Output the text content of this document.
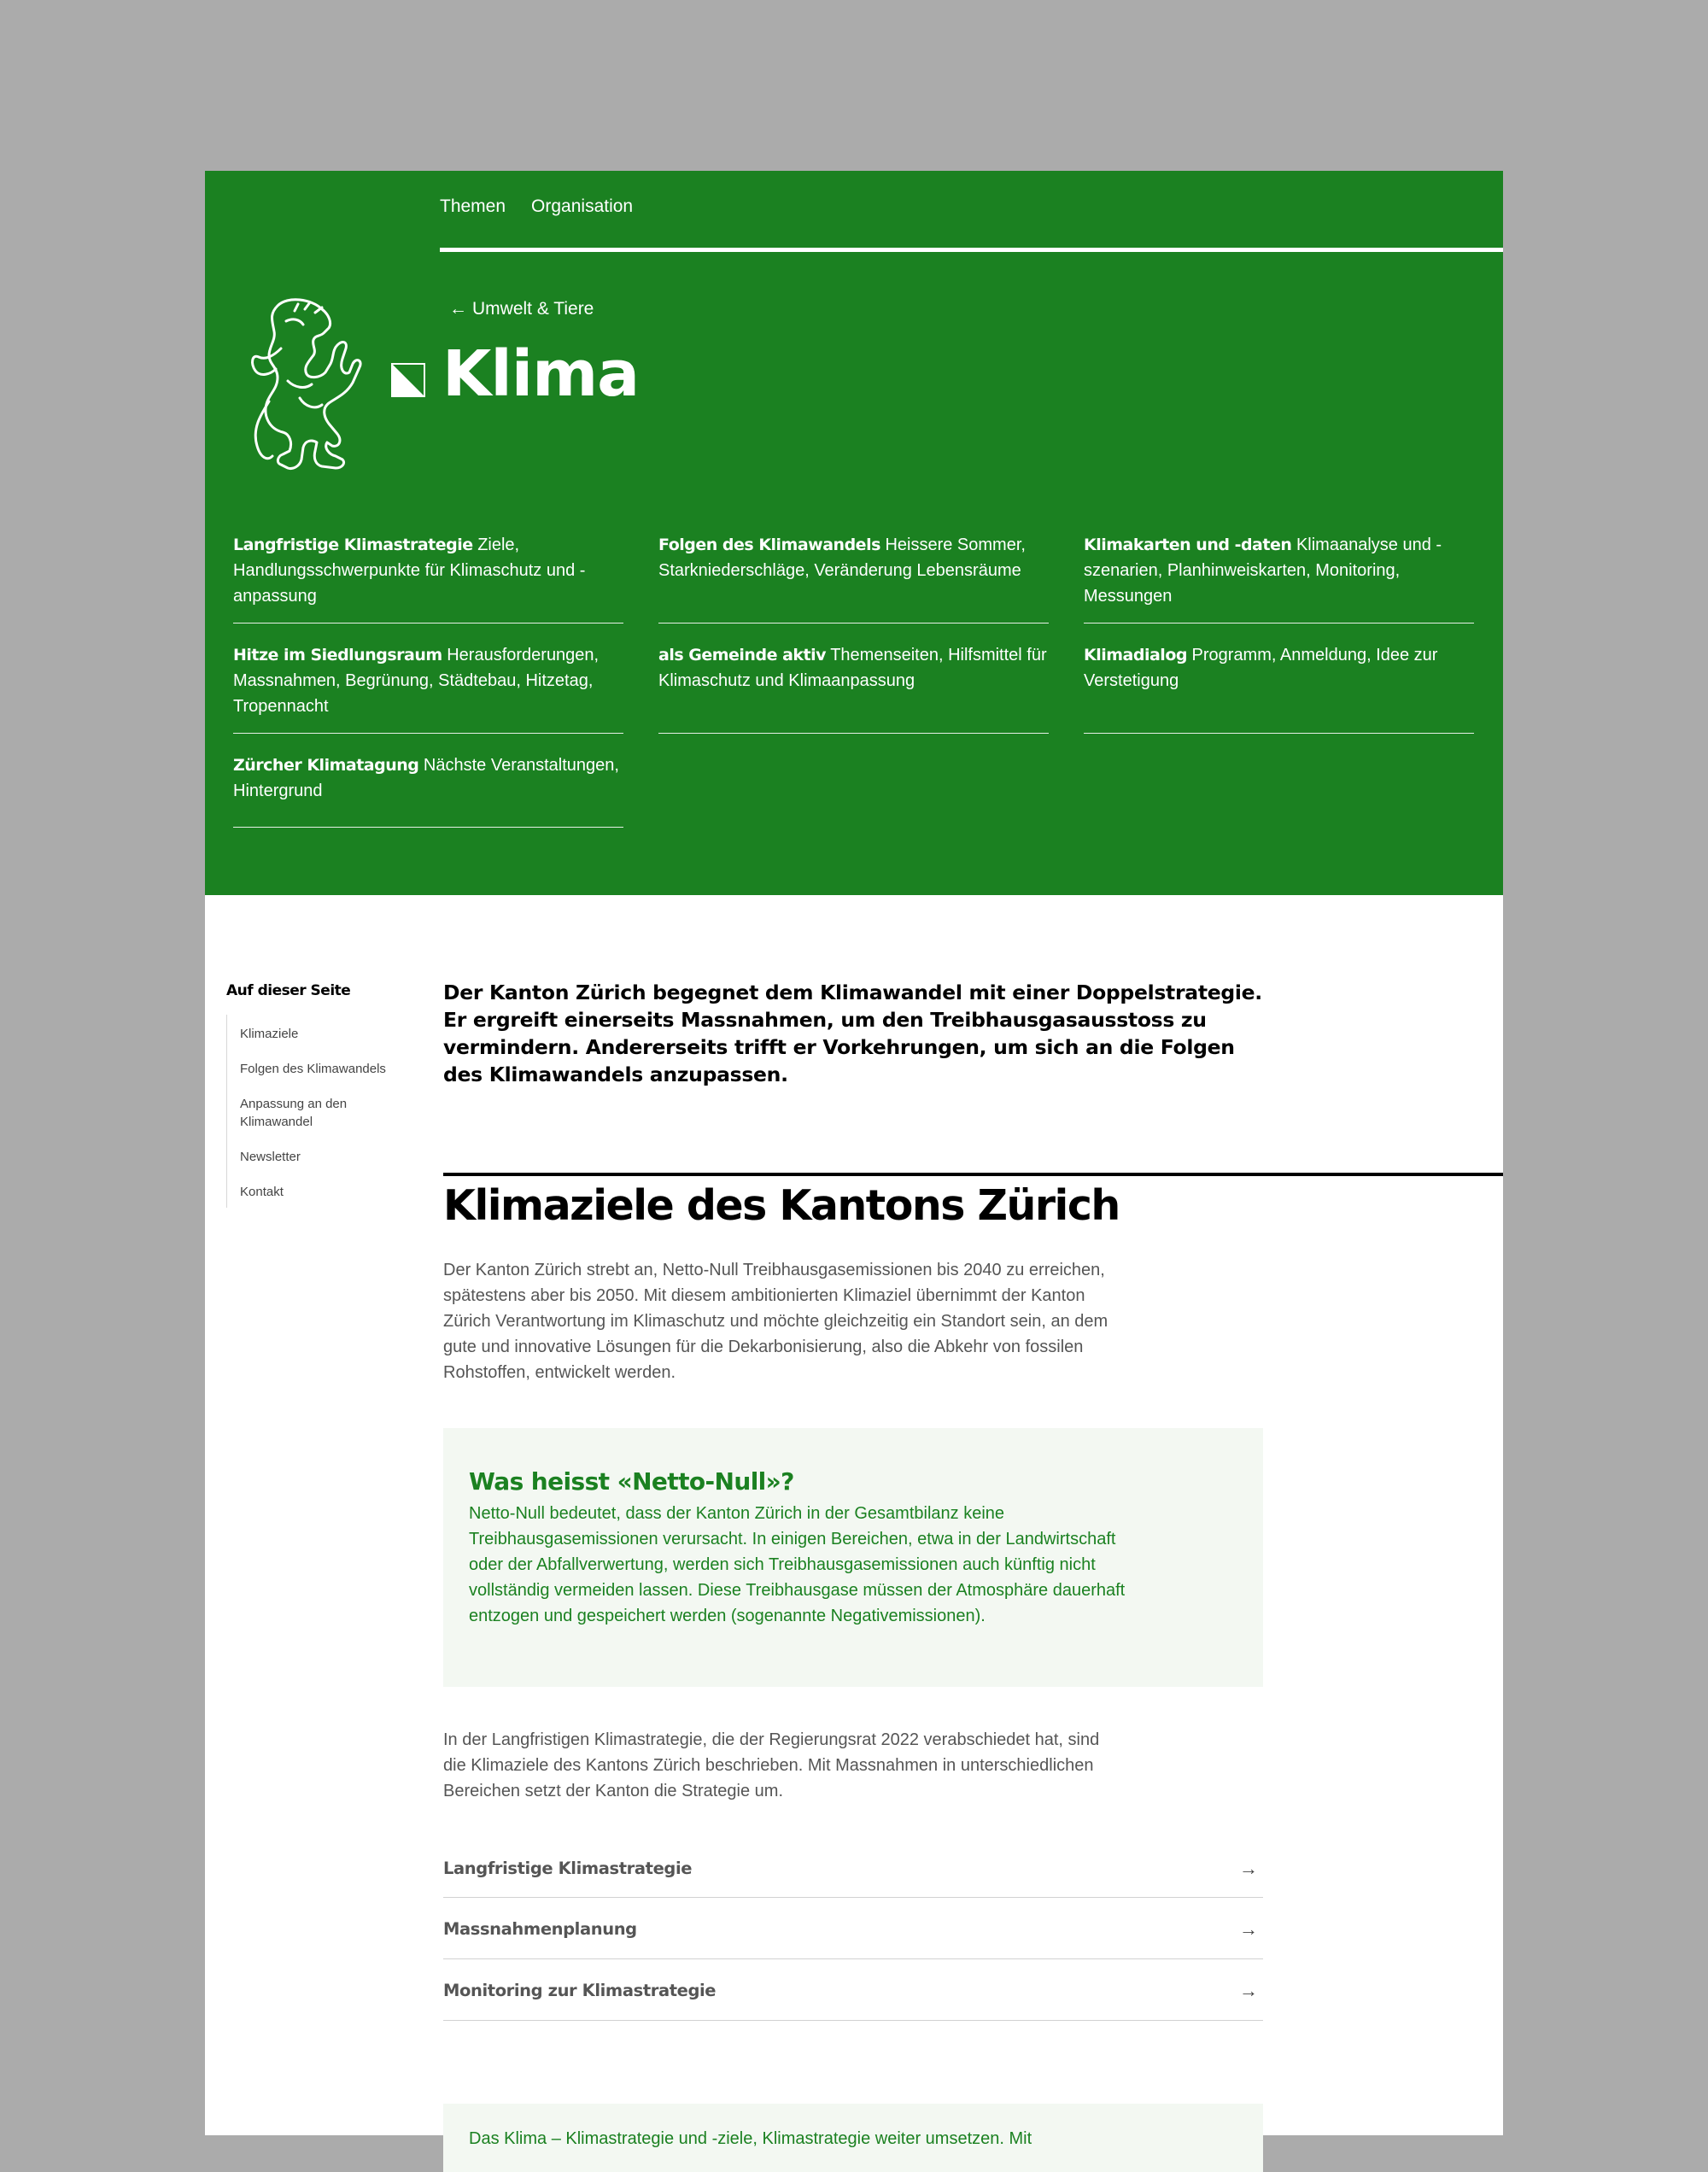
Themen Organisation
← Umwelt & Tiere
Klima
Langfristige Klimastrategie Ziele, Handlungsschwerpunkte für Klimaschutz und -anpassung
Folgen des Klimawandels Heissere Sommer, Starkniederschläge, Veränderung Lebensräume
Klimakarten und -daten Klimaanalyse und -szenarien, Planhinweiskarten, Monitoring, Messungen
Hitze im Siedlungsraum Herausforderungen, Massnahmen, Begrünung, Städtebau, Hitzetag, Tropennacht
als Gemeinde aktiv Themenseiten, Hilfsmittel für Klimaschutz und Klimaanpassung
Klimadialog Programm, Anmeldung, Idee zur Verstetigung
Zürcher Klimatagung Nächste Veranstaltungen, Hintergrund
Auf dieser Seite
Klimaziele
Folgen des Klimawandels
Anpassung an den Klimawandel
Newsletter
Kontakt

Der Kanton Zürich begegnet dem Klimawandel mit einer Doppelstrategie. Er ergreift einerseits Massnahmen, um den Treibhausgasausstoss zu vermindern. Andererseits trifft er Vorkehrungen, um sich an die Folgen des Klimawandels anzupassen.

Klimaziele des Kantons Zürich

Der Kanton Zürich strebt an, Netto-Null Treibhausgasemissionen bis 2040 zu erreichen, spätestens aber bis 2050. Mit diesem ambitionierten Klimaziel übernimmt der Kanton Zürich Verantwortung im Klimaschutz und möchte gleichzeitig ein Standort sein, an dem gute und innovative Lösungen für die Dekarbonisierung, also die Abkehr von fossilen Rohstoffen, entwickelt werden.

Was heisst «Netto-Null»?

Netto-Null bedeutet, dass der Kanton Zürich in der Gesamtbilanz keine Treibhausgasemissionen verursacht. In einigen Bereichen, etwa in der Landwirtschaft oder der Abfallverwertung, werden sich Treibhausgasemissionen auch künftig nicht vollständig vermeiden lassen. Diese Treibhausgase müssen der Atmosphäre dauerhaft entzogen und gespeichert werden (sogenannte Negativemissionen).

In der Langfristigen Klimastrategie, die der Regierungsrat 2022 verabschiedet hat, sind die Klimaziele des Kantons Zürich beschrieben. Mit Massnahmen in unterschiedlichen Bereichen setzt der Kanton die Strategie um.

Langfristige Klimastrategie	→
Massnahmenplanung	→
Monitoring zur Klimastrategie	→
Das Klima – Klimastrategie und -ziele, Klimastrategie weiter umsetzen. Mit
